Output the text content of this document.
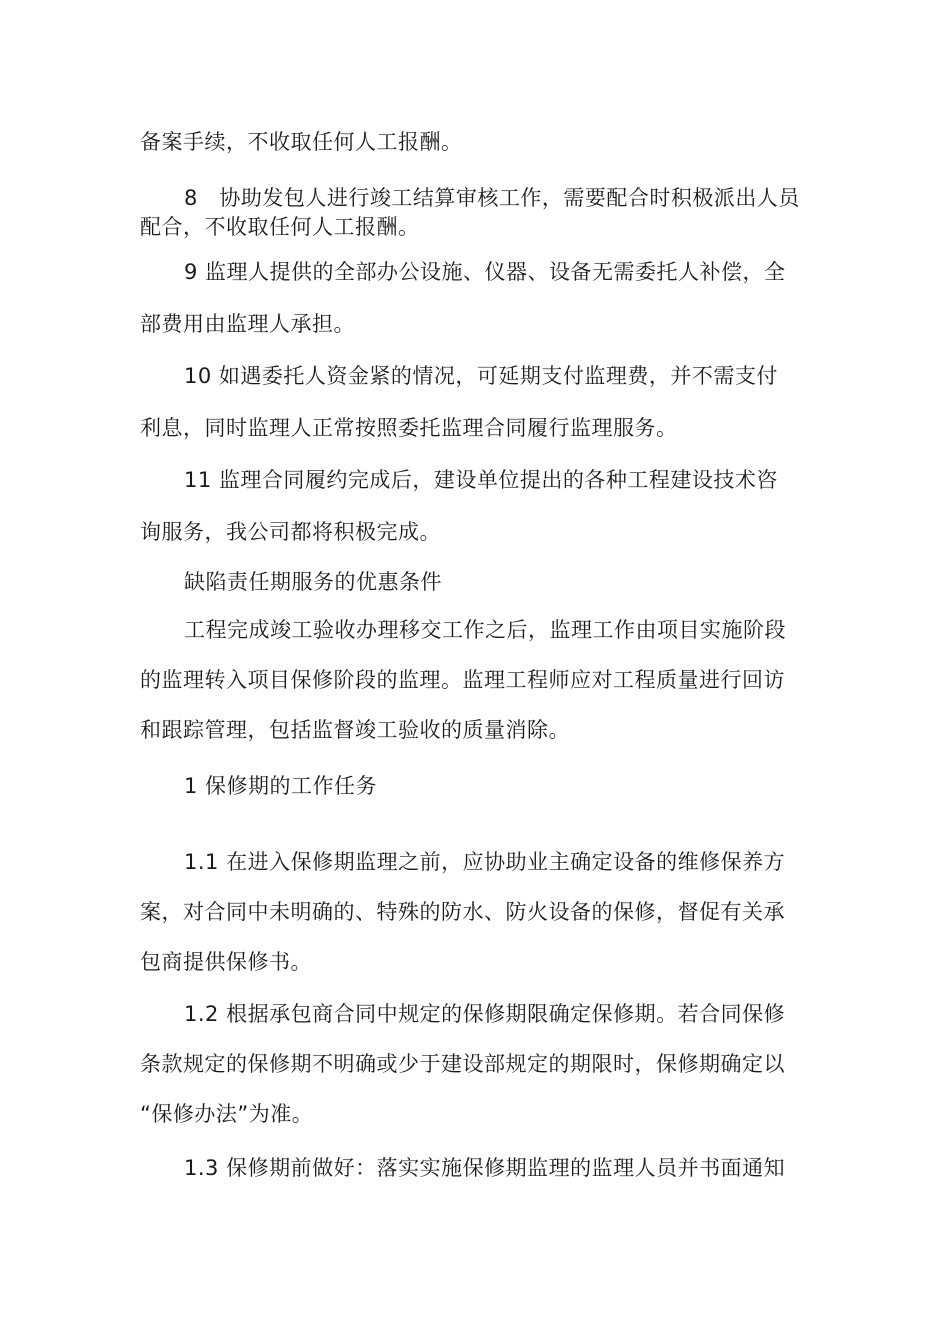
备案手续，不收取任何人工报酬。
8　协助发包人进行竣工结算审核工作，需要配合时积极派出人员
配合，不收取任何人工报酬。
9 监理人提供的全部办公设施、仪器、设备无需委托人补偿，全
部费用由监理人承担。
10 如遇委托人资金紧的情况，可延期支付监理费，并不需支付
利息，同时监理人正常按照委托监理合同履行监理服务。
11 监理合同履约完成后，建设单位提出的各种工程建设技术咨
询服务，我公司都将积极完成。
缺陷责任期服务的优惠条件
工程完成竣工验收办理移交工作之后，监理工作由项目实施阶段
的监理转入项目保修阶段的监理。监理工程师应对工程质量进行回访
和跟踪管理，包括监督竣工验收的质量消除。
1 保修期的工作任务
1.1 在进入保修期监理之前，应协助业主确定设备的维修保养方
案，对合同中未明确的、特殊的防水、防火设备的保修，督促有关承
包商提供保修书。
1.2 根据承包商合同中规定的保修期限确定保修期。若合同保修
条款规定的保修期不明确或少于建设部规定的期限时，保修期确定以
“保修办法”为准。
1.3 保修期前做好：落实实施保修期监理的监理人员并书面通知
